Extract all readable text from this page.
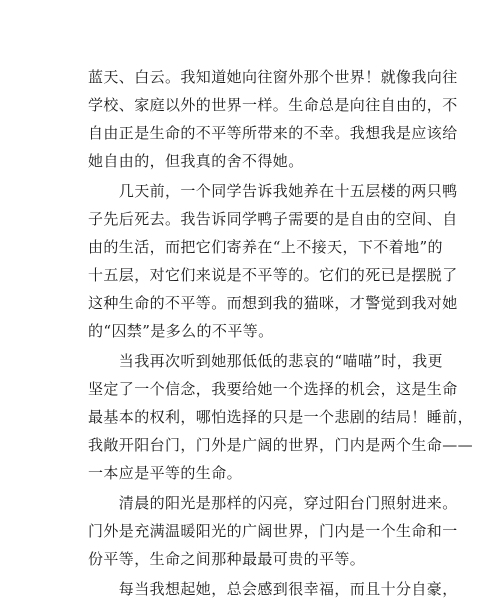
蓝天、白云。我知道她向往窗外那个世界！就像我向往
学校、家庭以外的世界一样。生命总是向往自由的，不
自由正是生命的不平等所带来的不幸。我想我是应该给
她自由的，但我真的舍不得她。
　　几天前，一个同学告诉我她养在十五层楼的两只鸭
子先后死去。我告诉同学鸭子需要的是自由的空间、自
由的生活，而把它们寄养在“上不接天，下不着地”的
十五层，对它们来说是不平等的。它们的死已是摆脱了
这种生命的不平等。而想到我的猫咪，才警觉到我对她
的“囚禁”是多么的不平等。
　　当我再次听到她那低低的悲哀的“喵喵”时，我更
坚定了一个信念，我要给她一个选择的机会，这是生命
最基本的权利，哪怕选择的只是一个悲剧的结局！睡前，
我敞开阳台门，门外是广阔的世界，门内是两个生命——
一本应是平等的生命。
　　清晨的阳光是那样的闪亮，穿过阳台门照射进来。
门外是充满温暖阳光的广阔世界，门内是一个生命和一
份平等，生命之间那种最最可贵的平等。
　　每当我想起她，总会感到很幸福，而且十分自豪，
